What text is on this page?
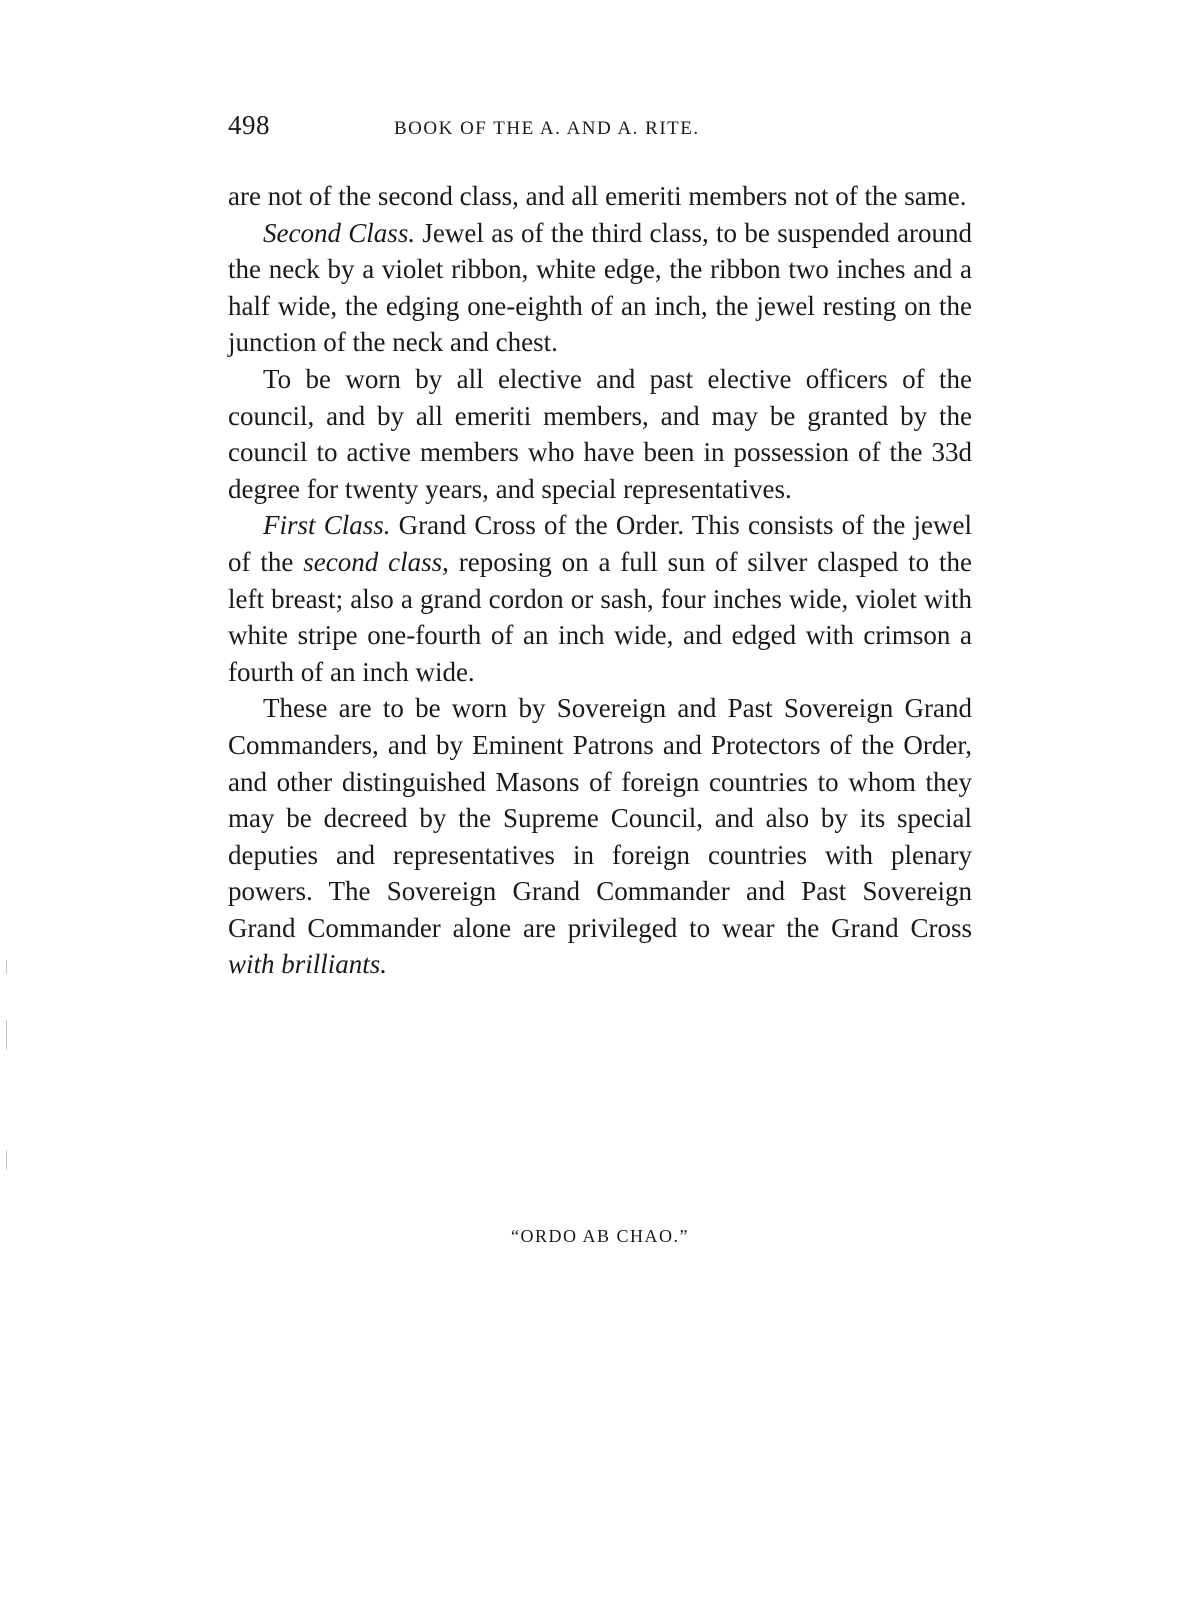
498	BOOK OF THE A. AND A. RITE.

are not of the second class, and all emeriti members not of the same.

Second Class. Jewel as of the third class, to be suspended around the neck by a violet ribbon, white edge, the ribbon two inches and a half wide, the edging one-eighth of an inch, the jewel resting on the junction of the neck and chest.

To be worn by all elective and past elective officers of the council, and by all emeriti members, and may be granted by the council to active members who have been in possession of the 33d degree for twenty years, and special representatives.

First Class. Grand Cross of the Order. This consists of the jewel of the second class, reposing on a full sun of silver clasped to the left breast; also a grand cordon or sash, four inches wide, violet with white stripe one-fourth of an inch wide, and edged with crimson a fourth of an inch wide.

These are to be worn by Sovereign and Past Sovereign Grand Commanders, and by Eminent Patrons and Protectors of the Order, and other distinguished Masons of foreign countries to whom they may be decreed by the Supreme Council, and also by its special deputies and representatives in foreign countries with plenary powers. The Sovereign Grand Commander and Past Sovereign Grand Commander alone are privileged to wear the Grand Cross with brilliants.

“ORDO AB CHAO.”
